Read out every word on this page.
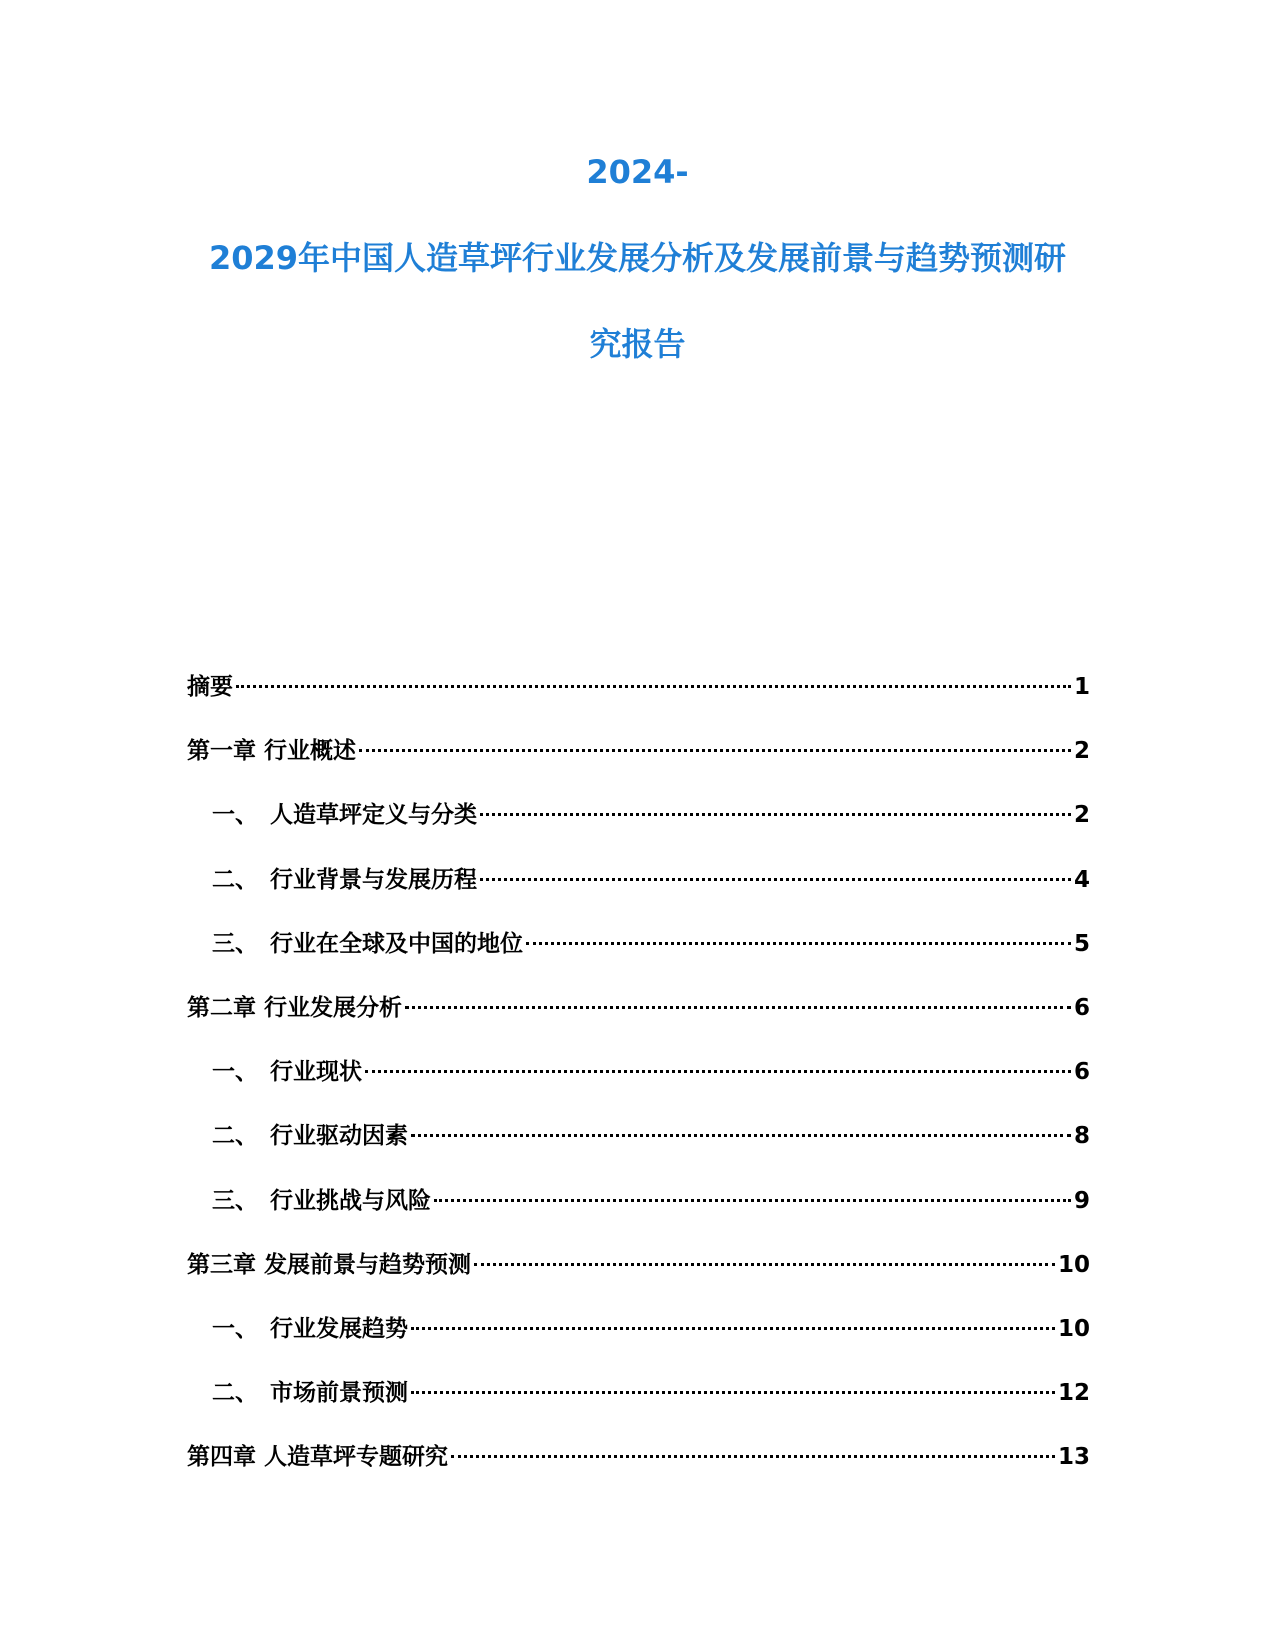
2024-
2029年中国人造草坪行业发展分析及发展前景与趋势预测研
究报告
摘要	1
第一章 行业概述	2
一、 人造草坪定义与分类	2
二、 行业背景与发展历程	4
三、 行业在全球及中国的地位	5
第二章 行业发展分析	6
一、 行业现状	6
二、 行业驱动因素	8
三、 行业挑战与风险	9
第三章 发展前景与趋势预测	10
一、 行业发展趋势	10
二、 市场前景预测	12
第四章 人造草坪专题研究	13
